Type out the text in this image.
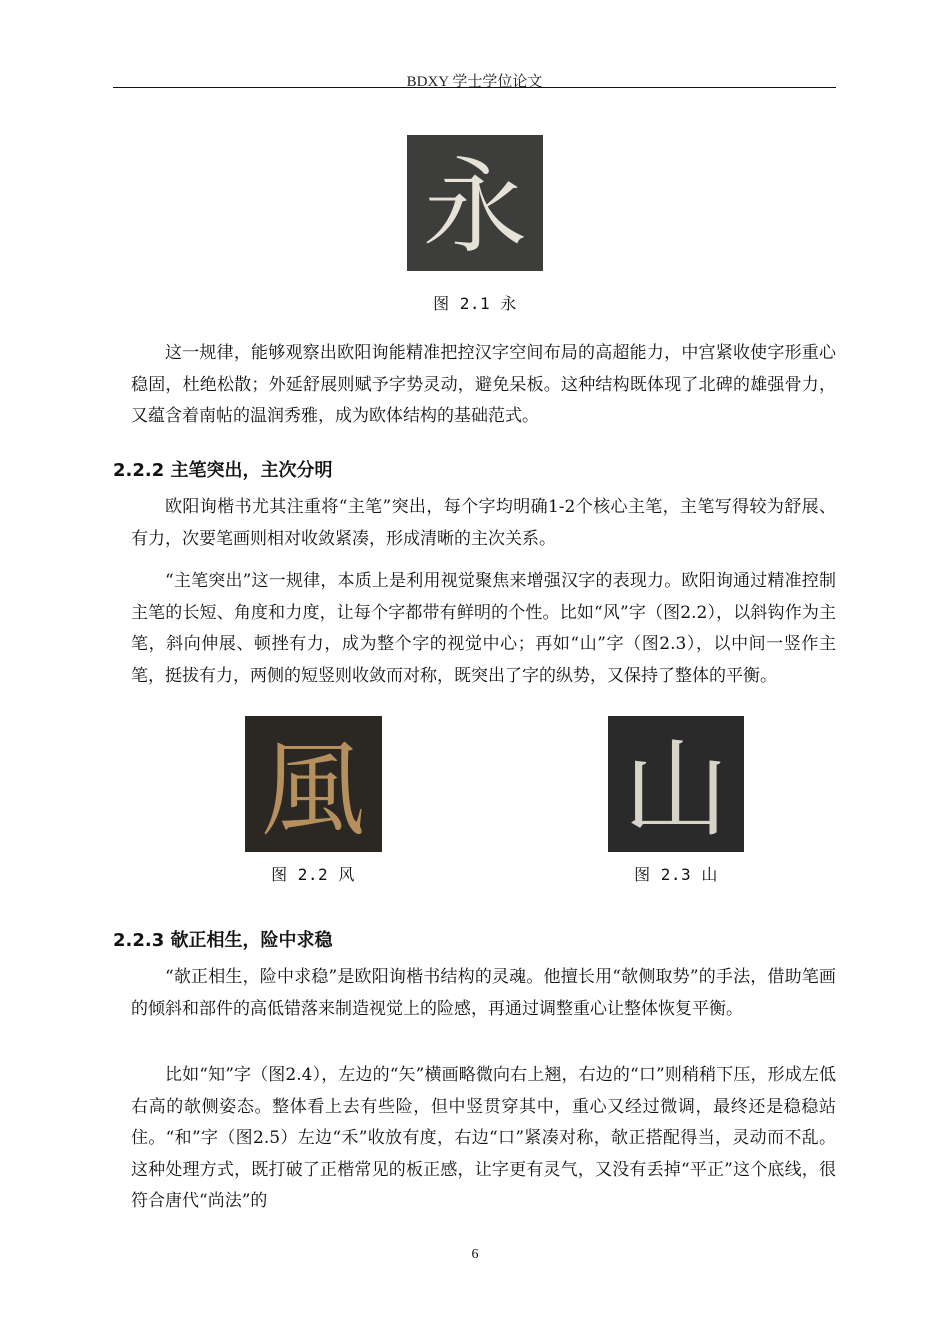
BDXY 学士学位论文
永
图 2.1 永

这一规律，能够观察出欧阳询能精准把控汉字空间布局的高超能力，中宫紧收使字形重心稳固，杜绝松散；外延舒展则赋予字势灵动，避免呆板。这种结构既体现了北碑的雄强骨力，又蕴含着南帖的温润秀雅，成为欧体结构的基础范式。

2.2.2 主笔突出，主次分明

欧阳询楷书尤其注重将“主笔”突出，每个字均明确1-2个核心主笔，主笔写得较为舒展、有力，次要笔画则相对收敛紧凑，形成清晰的主次关系。

“主笔突出”这一规律，本质上是利用视觉聚焦来增强汉字的表现力。欧阳询通过精准控制主笔的长短、角度和力度，让每个字都带有鲜明的个性。比如“风”字（图2.2），以斜钩作为主笔，斜向伸展、顿挫有力，成为整个字的视觉中心；再如“山”字（图2.3），以中间一竖作主笔，挺拔有力，两侧的短竖则收敛而对称，既突出了字的纵势，又保持了整体的平衡。

風
图 2.2 风
山
图 2.3 山
2.2.3 欹正相生，险中求稳

“欹正相生，险中求稳”是欧阳询楷书结构的灵魂。他擅长用“欹侧取势”的手法，借助笔画的倾斜和部件的高低错落来制造视觉上的险感，再通过调整重心让整体恢复平衡。

比如“知”字（图2.4），左边的“矢”横画略微向右上翘，右边的“口”则稍稍下压，形成左低右高的欹侧姿态。整体看上去有些险，但中竖贯穿其中，重心又经过微调，最终还是稳稳站住。“和”字（图2.5）左边“禾”收放有度，右边“口”紧凑对称，欹正搭配得当，灵动而不乱。这种处理方式，既打破了正楷常见的板正感，让字更有灵气，又没有丢掉“平正”这个底线，很符合唐代“尚法”的

6
